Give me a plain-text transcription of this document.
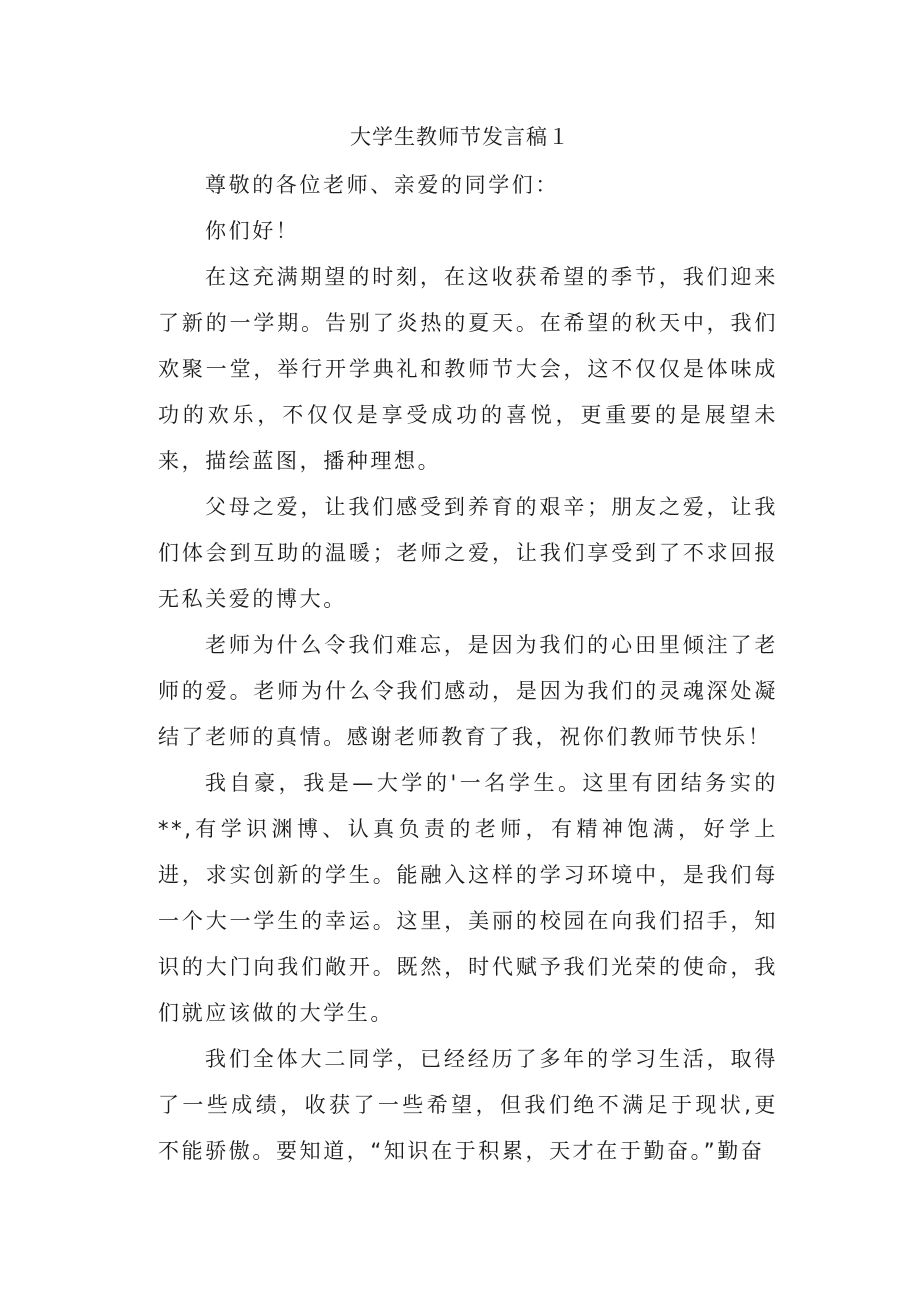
大学生教师节发言稿１

尊敬的各位老师、亲爱的同学们：

你们好！

在这充满期望的时刻，在这收获希望的季节，我们迎来了新的一学期。告别了炎热的夏天。在希望的秋天中，我们欢聚一堂，举行开学典礼和教师节大会，这不仅仅是体味成功的欢乐，不仅仅是享受成功的喜悦，更重要的是展望未来，描绘蓝图，播种理想。

父母之爱，让我们感受到养育的艰辛；朋友之爱，让我们体会到互助的温暖；老师之爱，让我们享受到了不求回报无私关爱的博大。

老师为什么令我们难忘，是因为我们的心田里倾注了老师的爱。老师为什么令我们感动，是因为我们的灵魂深处凝结了老师的真情。感谢老师教育了我，祝你们教师节快乐！

我自豪，我是—大学的'一名学生。这里有团结务实的**,有学识渊博、认真负责的老师，有精神饱满，好学上进，求实创新的学生。能融入这样的学习环境中，是我们每一个大一学生的幸运。这里，美丽的校园在向我们招手，知识的大门向我们敞开。既然，时代赋予我们光荣的使命，我们就应该做的大学生。

我们全体大二同学，已经经历了多年的学习生活，取得了一些成绩，收获了一些希望，但我们绝不满足于现状,更不能骄傲。要知道，“知识在于积累，天才在于勤奋。”勤奋
